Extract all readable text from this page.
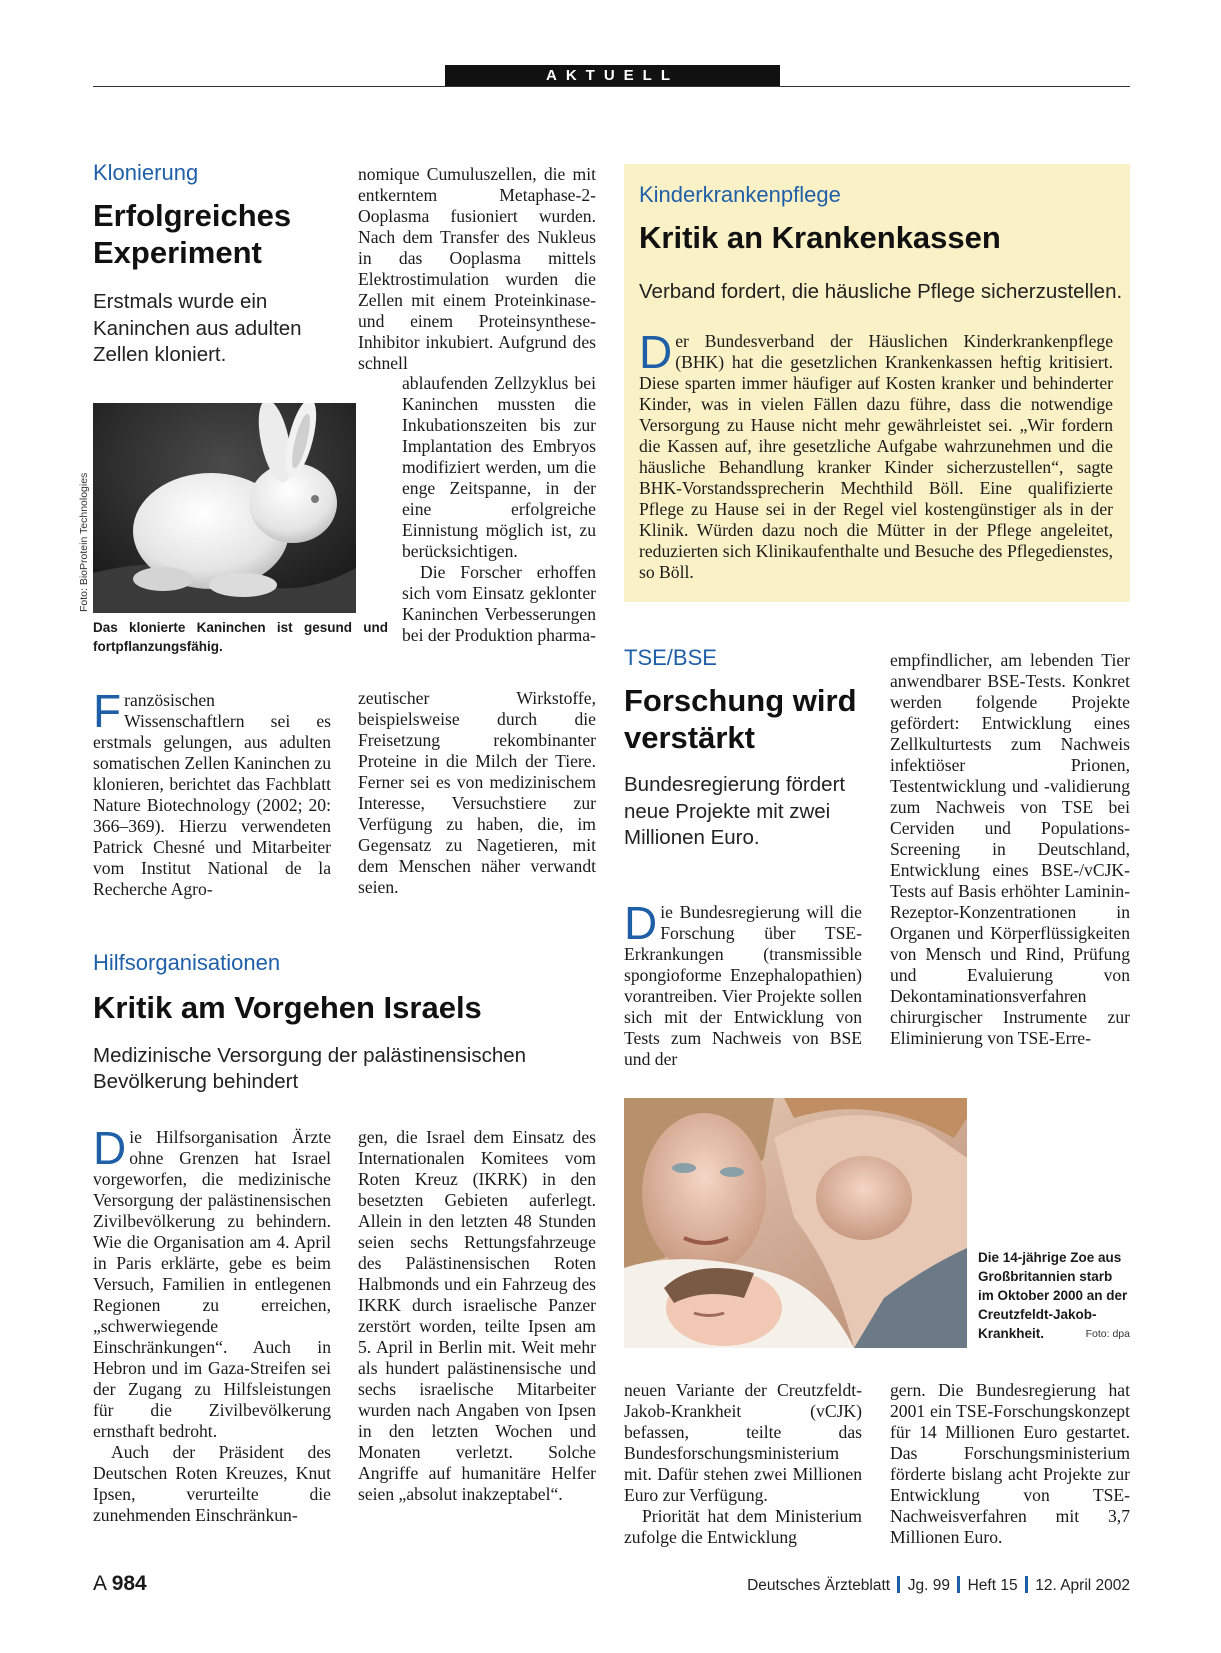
AKTUELL

Klonierung

Erfolgreiches
Experiment

Erstmals wurde ein Kaninchen aus adulten Zellen kloniert.

Foto: BioProtein Technologies

Das klonierte Kaninchen ist gesund und fortpflanzungsfähig.

Französischen Wissenschaftlern sei es erstmals gelungen, aus adulten somatischen Zellen Kaninchen zu klonieren, berichtet das Fachblatt Nature Biotechnology (2002; 20: 366–369). Hierzu verwendeten Patrick Chesné und Mitarbeiter vom Institut National de la Recherche Agro-

nomique Cumuluszellen, die mit entkerntem Metaphase-2-Ooplasma fusioniert wurden. Nach dem Transfer des Nukleus in das Ooplasma mittels Elektrostimulation wurden die Zellen mit einem Proteinkinase- und einem Proteinsynthese-Inhibitor inkubiert. Aufgrund des schnell

ablaufenden Zellzyklus bei Kaninchen mussten die Inkubationszeiten bis zur Implantation des Embryos modifiziert werden, um die enge Zeitspanne, in der eine erfolgreiche Einnistung möglich ist, zu berücksichtigen.

Die Forscher erhoffen sich vom Einsatz geklonter Kaninchen Verbesserungen bei der Produktion pharma-

zeutischer Wirkstoffe, beispielsweise durch die Freisetzung rekombinanter Proteine in die Milch der Tiere. Ferner sei es von medizinischem Interesse, Versuchstiere zur Verfügung zu haben, die, im Gegensatz zu Nagetieren, mit dem Menschen näher verwandt seien.

Kinderkrankenpflege

Kritik an Krankenkassen

Verband fordert, die häusliche Pflege sicherzustellen.

Der Bundesverband der Häuslichen Kinderkrankenpflege (BHK) hat die gesetzlichen Krankenkassen heftig kritisiert. Diese sparten immer häufiger auf Kosten kranker und behinderter Kinder, was in vielen Fällen dazu führe, dass die notwendige Versorgung zu Hause nicht mehr gewährleistet sei. „Wir fordern die Kassen auf, ihre gesetzliche Aufgabe wahrzunehmen und die häusliche Behandlung kranker Kinder sicherzustellen“, sagte BHK-Vorstandssprecherin Mechthild Böll. Eine qualifizierte Pflege zu Hause sei in der Regel viel kostengünstiger als in der Klinik. Würden dazu noch die Mütter in der Pflege angeleitet, reduzierten sich Klinikaufenthalte und Besuche des Pflegedienstes, so Böll.

TSE/BSE

Forschung wird
verstärkt

Bundesregierung fördert neue Projekte mit zwei Millionen Euro.

Die Bundesregierung will die Forschung über TSE-Erkrankungen (transmissible spongioforme Enzephalopathien) vorantreiben. Vier Projekte sollen sich mit der Entwicklung von Tests zum Nachweis von BSE und der

empfindlicher, am lebenden Tier anwendbarer BSE-Tests. Konkret werden folgende Projekte gefördert: Entwicklung eines Zellkulturtests zum Nachweis infektiöser Prionen, Testentwicklung und -validierung zum Nachweis von TSE bei Cerviden und Populations-Screening in Deutschland, Entwicklung eines BSE-/vCJK-Tests auf Basis erhöhter Laminin-Rezeptor-Konzentrationen in Organen und Körperflüssigkeiten von Mensch und Rind, Prüfung und Evaluierung von Dekontaminationsverfahren chirurgischer Instrumente zur Eliminierung von TSE-Erre-

Die 14-jährige Zoe aus Großbritannien starb im Oktober 2000 an der Creutzfeldt-Jakob-Krankheit.	Foto: dpa

neuen Variante der Creutzfeldt-Jakob-Krankheit (vCJK) befassen, teilte das Bundesforschungsministerium mit. Dafür stehen zwei Millionen Euro zur Verfügung.

Priorität hat dem Ministerium zufolge die Entwicklung

gern. Die Bundesregierung hat 2001 ein TSE-Forschungskonzept für 14 Millionen Euro gestartet. Das Forschungsministerium förderte bislang acht Projekte zur Entwicklung von TSE-Nachweisverfahren mit 3,7 Millionen Euro.

Hilfsorganisationen

Kritik am Vorgehen Israels

Medizinische Versorgung der palästinensischen
Bevölkerung behindert

Die Hilfsorganisation Ärzte ohne Grenzen hat Israel vorgeworfen, die medizinische Versorgung der palästinensischen Zivilbevölkerung zu behindern. Wie die Organisation am 4. April in Paris erklärte, gebe es beim Versuch, Familien in entlegenen Regionen zu erreichen, „schwerwiegende Einschränkungen“. Auch in Hebron und im Gaza-Streifen sei der Zugang zu Hilfsleistungen für die Zivilbevölkerung ernsthaft bedroht.

Auch der Präsident des Deutschen Roten Kreuzes, Knut Ipsen, verurteilte die zunehmenden Einschränkun-

gen, die Israel dem Einsatz des Internationalen Komitees vom Roten Kreuz (IKRK) in den besetzten Gebieten auferlegt. Allein in den letzten 48 Stunden seien sechs Rettungsfahrzeuge des Palästinensischen Roten Halbmonds und ein Fahrzeug des IKRK durch israelische Panzer zerstört worden, teilte Ipsen am 5. April in Berlin mit. Weit mehr als hundert palästinensische und sechs israelische Mitarbeiter wurden nach Angaben von Ipsen in den letzten Wochen und Monaten verletzt. Solche Angriffe auf humanitäre Helfer seien „absolut inakzeptabel“.

A 984	Deutsches Ärzteblatt Jg. 99 Heft 15 12. April 2002
